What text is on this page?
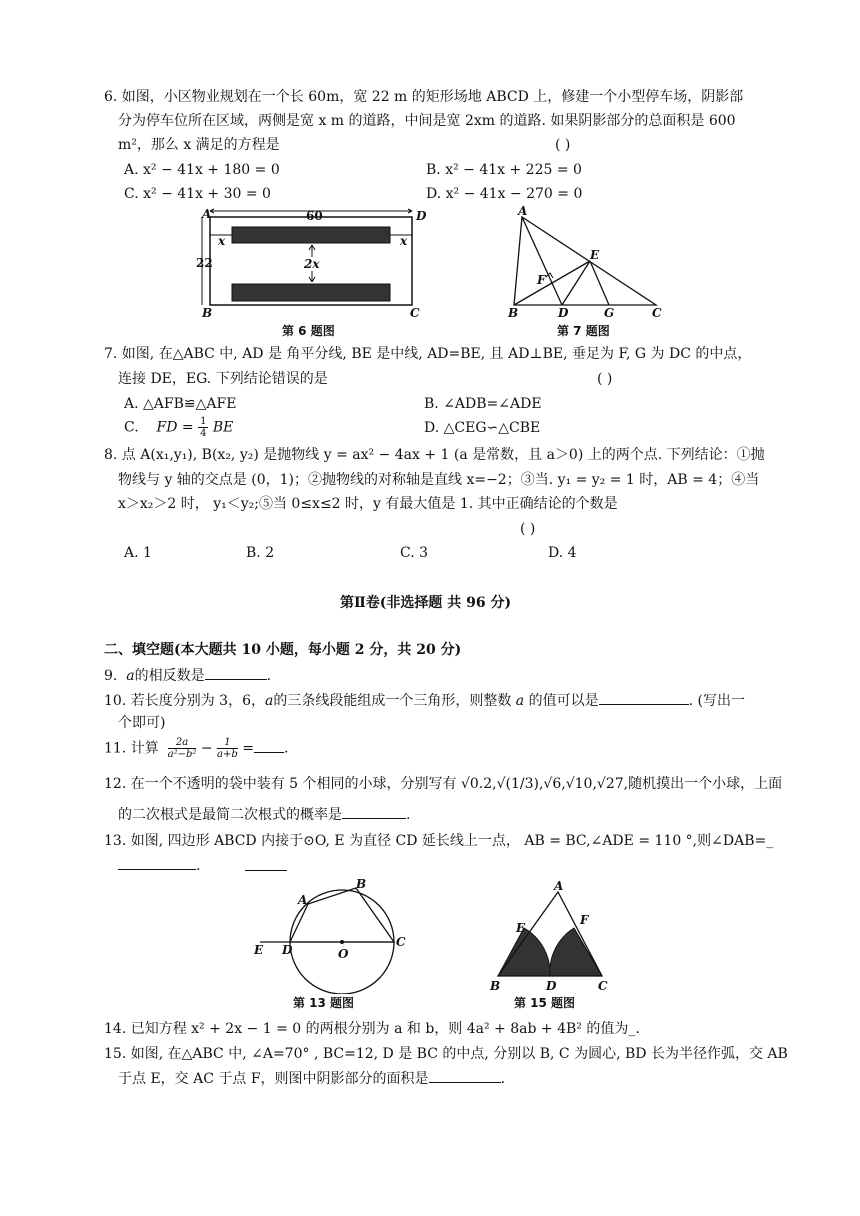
6. 如图，小区物业规划在一个长 60m，宽 22 m 的矩形场地 ABCD 上，修建一个小型停车场，阴影部
分为停车位所在区域，两侧是宽 x m 的道路，中间是宽 2xm 的道路. 如果阴影部分的总面积是 600
m²，那么 x 满足的方程是	( )
A. x² − 41x + 180 = 0	B. x² − 41x + 225 = 0
C. x² − 41x + 30 = 0	D. x² − 41x − 270 = 0
60
22
x	x
2x
A	D
B	C
第 6 题图
A
E
F
B	D	G	C
第 7 题图
7. 如图, 在△ABC 中, AD 是 角平分线, BE 是中线, AD=BE, 且 AD⊥BE, 垂足为 F, G 为 DC 的中点，
连接 DE，EG. 下列结论错误的是	( )
A. △AFB≌△AFE	B. ∠ADB=∠ADE
C. FD = $\frac{1}{4}$ BE	D. △CEG∽△CBE
8. 点 A(x₁,y₁), B(x₂, y₂) 是抛物线 y = ax² − 4ax + 1 (a 是常数，且 a＞0) 上的两个点. 下列结论：①抛
物线与 y 轴的交点是 (0，1)；②抛物线的对称轴是直线 x=−2；③当. y₁ = y₂ = 1 时，AB = 4；④当
x＞x₂＞2 时， y₁＜y₂;⑤当 0≤x≤2 时，y 有最大值是 1. 其中正确结论的个数是
( )
A. 1	B. 2	C. 3	D. 4
第Ⅱ卷(非选择题 共 96 分)
二、填空题(本大题共 10 小题，每小题 2 分，共 20 分)
9. a的相反数是	.
10. 若长度分别为 3，6，a的三条线段能组成一个三角形，则整数 a 的值可以是	. (写出一
个即可)
11. 计算 $\frac{2a}{\text{a²−b²}} - \frac{1}{a+b}$ = .
12. 在一个不透明的袋中装有 5 个相同的小球，分别写有 √0.2,√(1/3),√6,√10,√27,随机摸出一个小球，上面
的二次根式是最简二次根式的概率是	.
13. 如图, 四边形 ABCD 内接于⊙O, E 为直径 CD 延长线上一点， AB = BC,∠ADE = 110 °,则∠DAB=_
.
E D	O
C
A
B
第 13 题图
A
E
F
B	D	C
第 15 题图
14. 已知方程 x² + 2x − 1 = 0 的两根分别为 a 和 b，则 4a² + 8ab + 4B² 的值为_.
15. 如图, 在△ABC 中, ∠A=70° , BC=12, D 是 BC 的中点, 分别以 B, C 为圆心, BD 长为半径作弧，交 AB
于点 E，交 AC 于点 F，则图中阴影部分的面积是	.
